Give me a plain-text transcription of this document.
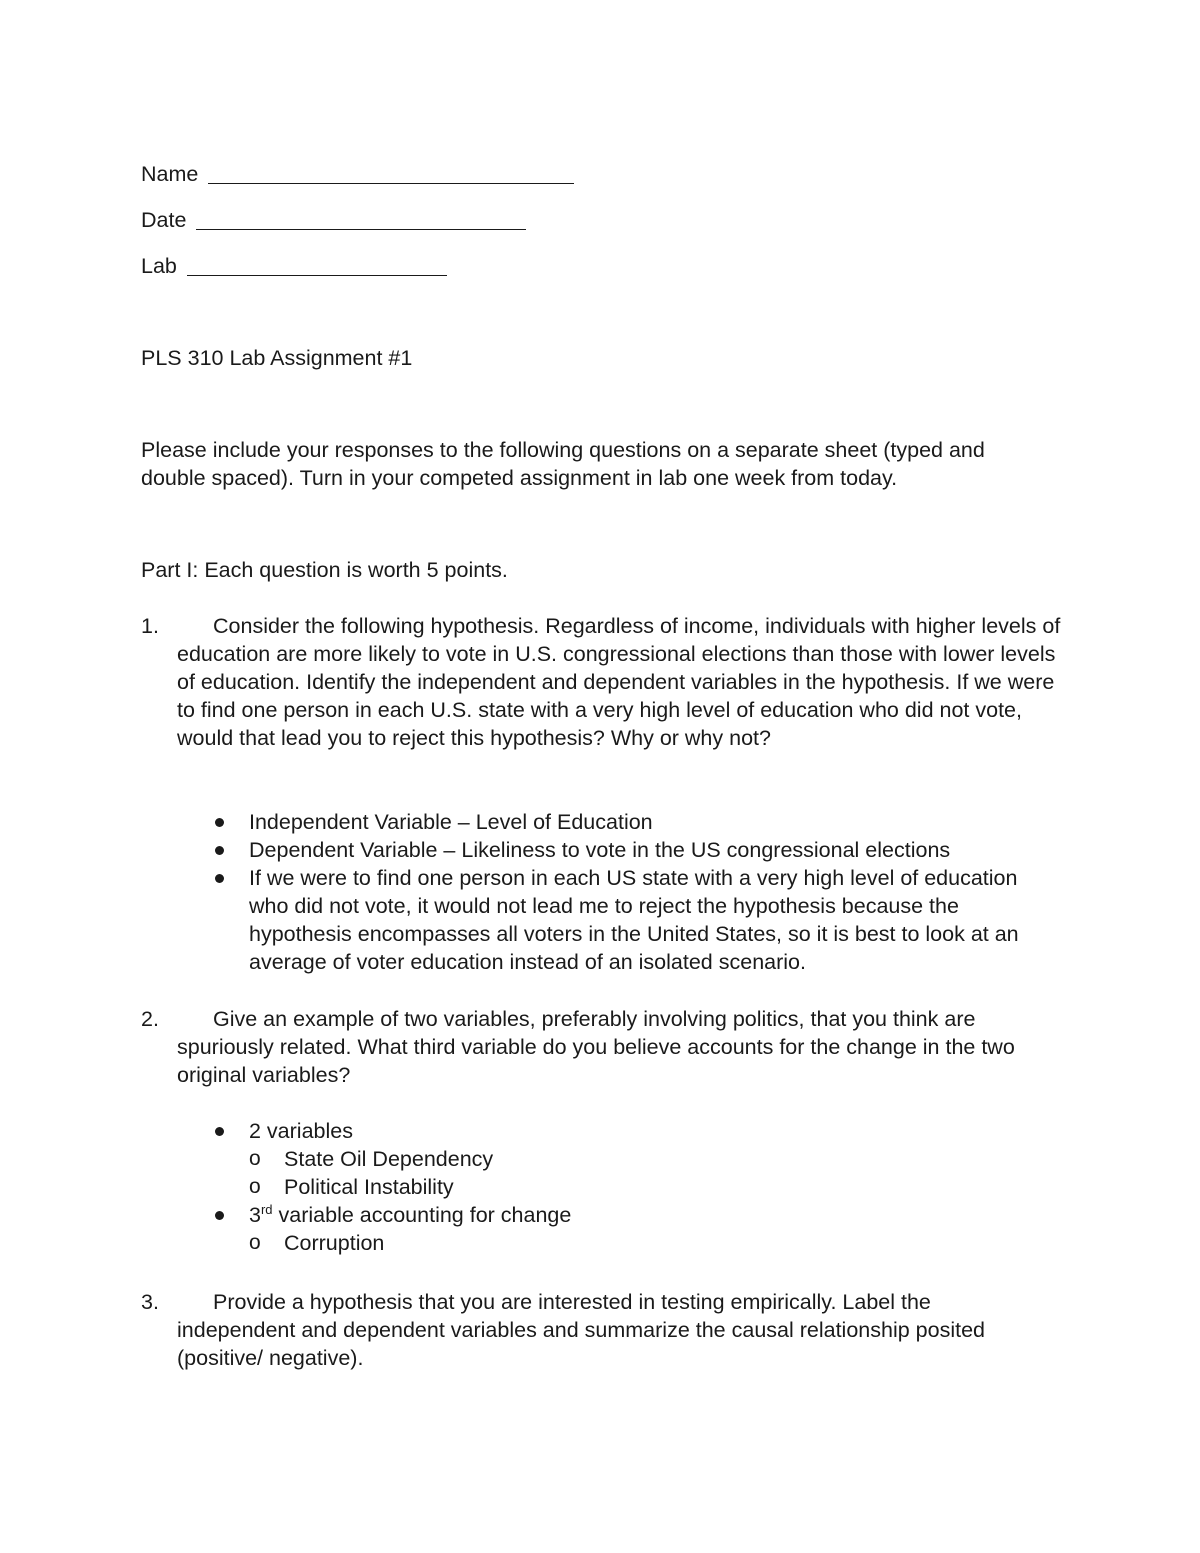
Name
Date
Lab
PLS 310 Lab Assignment #1
Please include your responses to the following questions on a separate sheet (typed and double spaced). Turn in your competed assignment in lab one week from today.
Part I: Each question is worth 5 points.
1.	Consider the following hypothesis. Regardless of income, individuals with higher levels of education are more likely to vote in U.S. congressional elections than those with lower levels of education. Identify the independent and dependent variables in the hypothesis. If we were to find one person in each U.S. state with a very high level of education who did not vote, would that lead you to reject this hypothesis? Why or why not?
Independent Variable – Level of Education
Dependent Variable – Likeliness to vote in the US congressional elections
If we were to find one person in each US state with a very high level of education who did not vote, it would not lead me to reject the hypothesis because the hypothesis encompasses all voters in the United States, so it is best to look at an average of voter education instead of an isolated scenario.
2.	Give an example of two variables, preferably involving politics, that you think are spuriously related. What third variable do you believe accounts for the change in the two original variables?
2 variables
o State Oil Dependency
o Political Instability
3rd variable accounting for change
o Corruption
3.	Provide a hypothesis that you are interested in testing empirically. Label the independent and dependent variables and summarize the causal relationship posited (positive/ negative).
